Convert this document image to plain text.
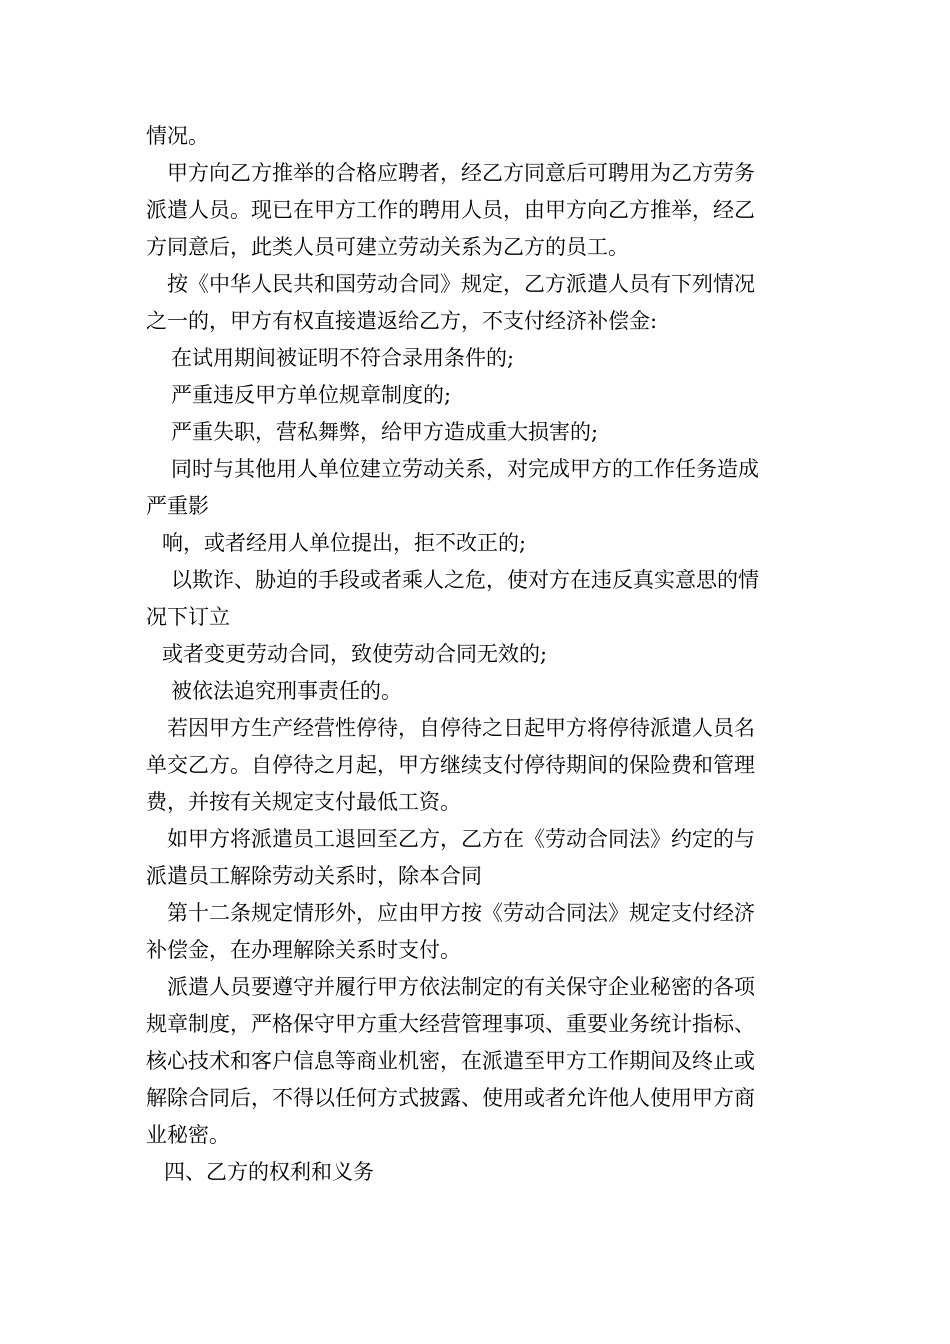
情况。
甲方向乙方推举的合格应聘者，经乙方同意后可聘用为乙方劳务
派遣人员。现已在甲方工作的聘用人员，由甲方向乙方推举，经乙
方同意后，此类人员可建立劳动关系为乙方的员工。
按《中华人民共和国劳动合同》规定，乙方派遣人员有下列情况
之一的，甲方有权直接遣返给乙方，不支付经济补偿金:
在试用期间被证明不符合录用条件的;
严重违反甲方单位规章制度的;
严重失职，营私舞弊，给甲方造成重大损害的;
同时与其他用人单位建立劳动关系，对完成甲方的工作任务造成
严重影
响，或者经用人单位提出，拒不改正的;
以欺诈、胁迫的手段或者乘人之危，使对方在违反真实意思的情
况下订立
或者变更劳动合同，致使劳动合同无效的;
被依法追究刑事责任的。
若因甲方生产经营性停待，自停待之日起甲方将停待派遣人员名
单交乙方。自停待之月起，甲方继续支付停待期间的保险费和管理
费，并按有关规定支付最低工资。
如甲方将派遣员工退回至乙方，乙方在《劳动合同法》约定的与
派遣员工解除劳动关系时，除本合同
第十二条规定情形外，应由甲方按《劳动合同法》规定支付经济
补偿金，在办理解除关系时支付。
派遣人员要遵守并履行甲方依法制定的有关保守企业秘密的各项
规章制度，严格保守甲方重大经营管理事项、重要业务统计指标、
核心技术和客户信息等商业机密，在派遣至甲方工作期间及终止或
解除合同后，不得以任何方式披露、使用或者允许他人使用甲方商
业秘密。
四、乙方的权利和义务
